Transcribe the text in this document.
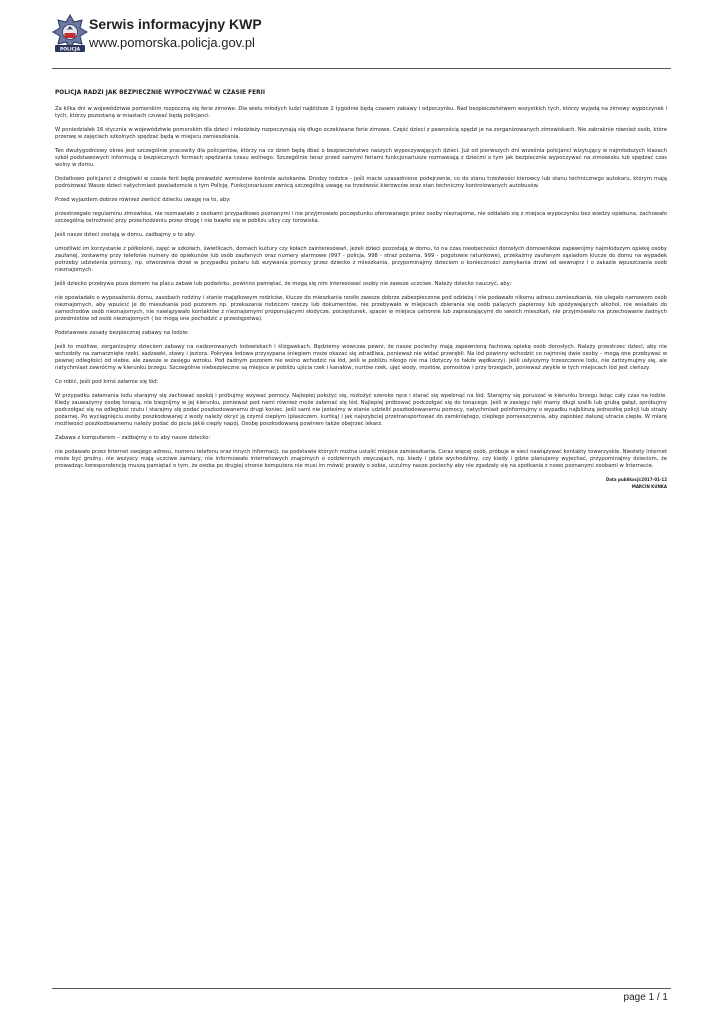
POLICJA
Serwis informacyjny KWP
www.pomorska.policja.gov.pl
POLICJA RADZI JAK BEZPIECZNIE WYPOCZYWAĆ W CZASIE FERII

Za kilka dni w województwie pomorskim rozpoczną się ferie zimowe. Dla wielu młodych ludzi najbliższe 2 tygodnie będą czasem zabawy i odpoczynku. Nad bezpieczeństwem wszystkich tych, którzy wyjadą na zimowy wypoczynek i tych, którzy pozostaną w miastach czuwać będą policjanci.

W poniedziałek 16 stycznia w województwie pomorskim dla dzieci i młodzieży rozpoczynają się długo oczekiwane ferie zimowe. Część dzieci z pewnością spędzi je na zorganizowanych zimowiskach. Nie zabraknie również osób, które przerwę w zajęciach szkolnych spędzać będą w miejscu zamieszkania.

Ten dwutygodniowy okres jest szczególnie pracowity dla policjantów, którzy na co dzień będą dbać o bezpieczeństwo naszych wypoczywających dzieci. Już od pierwszych dni września policjanci wizytujący w najmłodszych klasach szkół podstawowych informują o bezpiecznych formach spędzania czasu wolnego. Szczególnie teraz przed samymi feriami funkcjonariusze rozmawiają z dziećmi o tym jak bezpiecznie wypoczywać na zimowisku lub spędzać czas wolny w domu.

Dodatkowo policjanci z drogówki w czasie ferii będą prowadzić wzmożone kontrole autokarów. Drodzy rodzice - jeśli macie uzasadnione podejrzenie, co do stanu trzeźwości kierowcy lub stanu technicznego autokaru, którym mają podróżować Wasze dzieci natychmiast powiadomcie o tym Policję. Funkcjonariusze zwrócą szczególną uwagę na trzeźwość kierowców oraz stan techniczny kontrolowanych autobusów.

Przed wyjazdem dobrze również zwrócić dziecku uwagę na to, aby:

przestrzegało regulaminu zimowiska, nie rozmawiało z osobami przypadkowo poznanymi i nie przyjmowało poczęstunku oferowanego przez osoby nieznajome, nie oddalało się z miejsca wypoczynku bez wiedzy opiekuna, zachowało szczególną ostrożność przy przechodzeniu przez drogę i nie bawiło się w pobliżu ulicy czy torowiska.

Jeśli nasze dzieci zostają w domu, zadbajmy o to aby:

umożliwić im korzystanie z półkolonii, zajęć w szkołach, świetlicach, domach kultury czy kołach zainteresowań, jeżeli dzieci pozostają w domu, to na czas nieobecności dorosłych domowników zapewnijmy najmłodszym opiekę osoby zaufanej, zostawmy przy telefonie numery do opiekunów lub osób zaufanych oraz numery alarmowe (997 - policja, 998 - straż pożarna, 999 - pogotowie ratunkowe), przekażmy zaufanym sąsiadom klucze do domu na wypadek potrzeby udzielenia pomocy, np. otworzenia drzwi w przypadku pożaru lub wzywania pomocy przez dziecko z mieszkania, przypominajmy dzieciom o konieczności zamykania drzwi od wewnątrz i o zakazie wpuszczania osób nieznajomych.

Jeśli dziecko przebywa poza domem na placu zabaw lub podwórku, powinno pamiętać, że mogą się nim interesować osoby nie zawsze uczciwe. Należy dziecko nauczyć, aby:

nie opowiadało o wyposażeniu domu, zasobach rodziny i stanie majątkowym rodziców, klucze do mieszkania nosiło zawsze dobrze zabezpieczone pod odzieżą i nie podawało nikomu adresu zamieszkania, nie ulegało namowom osób nieznajomych, aby wpuścić je do mieszkania pod pozorem np. przekazania rodzicom rzeczy lub dokumentów, nie przebywało w miejscach zbierania się osób palących papierosy lub spożywających alkohol, nie wsiadało do samochodów osób nieznajomych, nie nawiązywało kontaktów z nieznajomymi proponującymi słodycze, poczęstunek, spacer w miejsca ustronne lub zapraszającymi do swoich mieszkań, nie przyjmowało na przechowanie żadnych przedmiotów od osób nieznajomych ( bo mogą one pochodzić z przestępstwa).

Podstawowe zasady bezpiecznej zabawy na lodzie:

Jeśli to możliwe, zorganizujmy dzieciom zabawy na nadzorowanych lodowiskach i ślizgawkach. Będziemy wówczas pewni, że nasze pociechy mają zapewnioną fachową opiekę osób dorosłych. Należy przestrzec dzieci, aby nie wchodziły na zamarznięte rzeki, sadzawki, stawy i jeziora. Pokrywa lodowa przysypana śniegiem może okazać się zdradliwa, ponieważ nie widać przerębli. Na lód powinny wchodzić co najmniej dwie osoby – mogą one przebywać w pewnej odległości od siebie, ale zawsze w zasięgu wzroku. Pod żadnym pozorem nie wolno wchodzić na lód, jeśli w pobliżu nikogo nie ma (dotyczy to także wędkarzy). Jeśli usłyszymy trzeszczenie lodu, nie zatrzymujmy się, ale natychmiast zawróćmy w kierunku brzegu. Szczególnie niebezpieczne są miejsca w pobliżu ujścia rzek i kanałów, nurtów rzek, ujęć wody, mostów, pomostów i przy brzegach, ponieważ zwykle w tych miejscach lód jest cieńszy.

Co robić, jeśli pod kimś załamie się lód:

W przypadku załamania lodu starajmy się zachować spokój i próbujmy wzywać pomocy. Najlepiej położyć się, rozłożyć szeroko ręce i starać się wpełznąć na lód. Starajmy się poruszać w kierunku brzegu leżąc cały czas na lodzie. Kiedy zauważymy osobę tonącą, nie biegnijmy w jej kierunku, ponieważ pod nami również może załamać się lód. Najlepiej próbować podczołgać się do tonącego. Jeśli w zasięgu ręki mamy długi szalik lub grubą gałąź, spróbujmy podczołgać się na odległość rzutu i starajmy się podać poszkodowanemu drugi koniec. Jeśli sami nie jesteśmy w stanie udzielić poszkodowanemu pomocy, natychmiast poinformujmy o wypadku najbliższą jednostkę policji lub straży pożarnej. Po wyciągnięciu osoby poszkodowanej z wody należy okryć ją czymś ciepłym (płaszczem, kurtką) i jak najszybciej przetransportować do zamkniętego, ciepłego pomieszczenia, aby zapobiec dalszej utracie ciepła. W miarę możliwości poszkodowanemu należy podać do picia jakiś ciepły napój. Osobę poszkodowaną powinien także obejrzeć lekarz.

Zabawa z komputerem – zadbajmy o to aby nasze dziecko:

nie podawało przez Internet swojego adresu, numeru telefonu oraz innych informacji, na podstawie których można ustalić miejsce zamieszkania. Coraz więcej osób, próbuje w sieci nawiązywać kontakty towarzyskie. Niestety Internet może być groźny, nie wszyscy mają uczciwe zamiary, nie informowało internetowych znajomych o codziennych zwyczajach, np. kiedy i gdzie wychodzimy, czy kiedy i gdzie planujemy wyjechać, przypominajmy dzieciom, że prowadząc korespondencję muszą pamiętać o tym, że osoba po drugiej stronie komputera nie musi im mówić prawdy o sobie, uczulmy nasze pociechy aby nie zgadzały się na spotkania z nowo poznanymi osobami w Internecie.

Data publikacji:2017-01-12
MARCIN KUNKA
page 1 / 1
